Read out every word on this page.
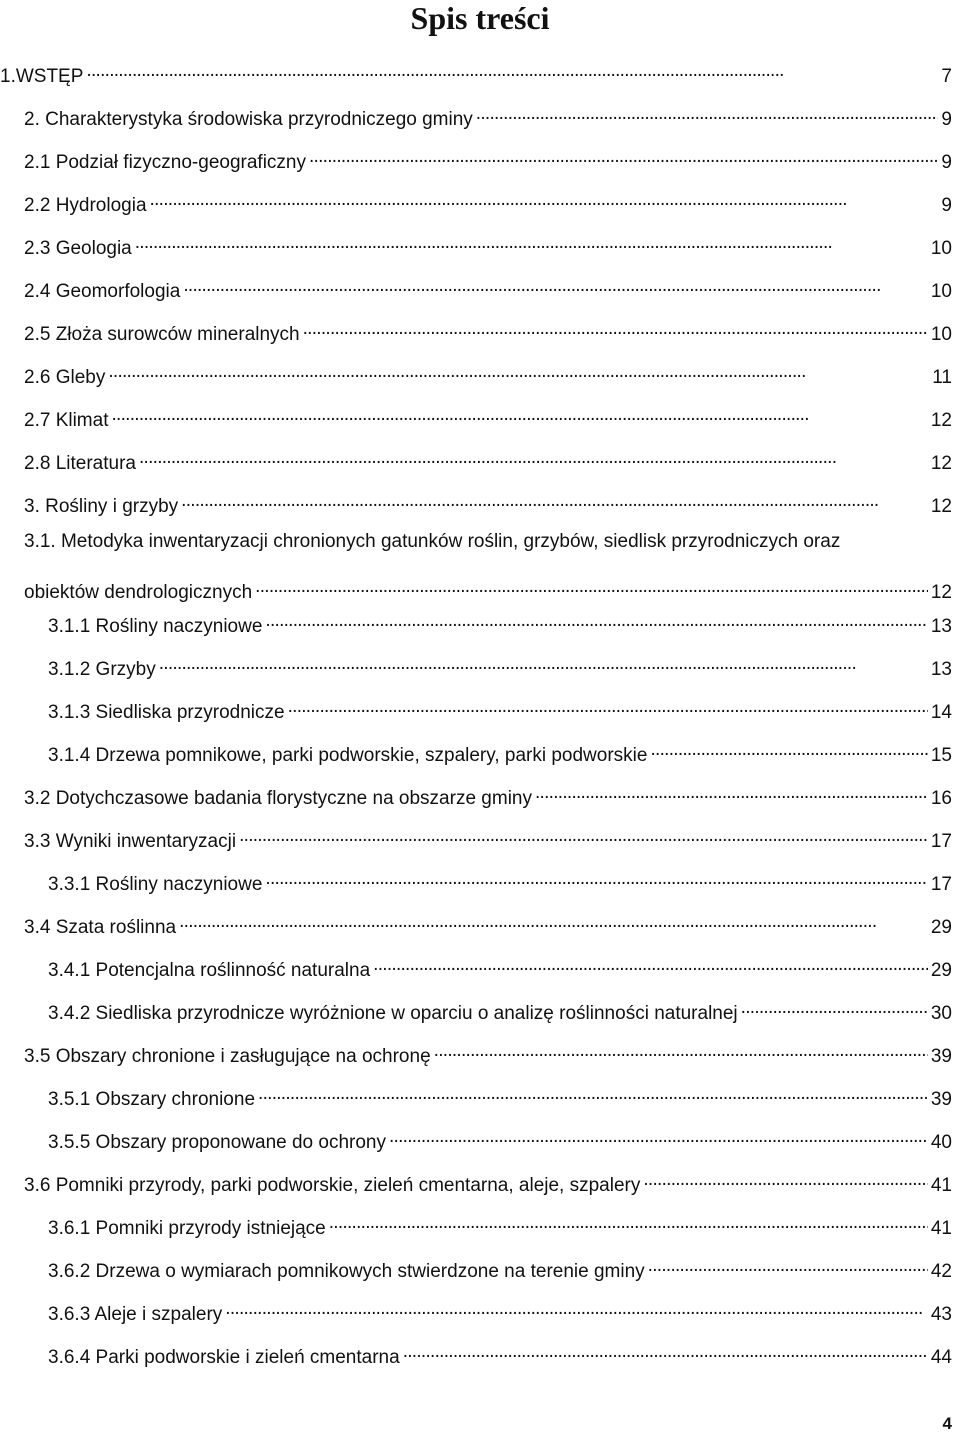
Spis treści
1.WSTĘP . . .	7
2. Charakterystyka środowiska przyrodniczego gminy . . .	9
2.1 Podział fizyczno-geograficzny . . .	9
2.2 Hydrologia . . .	9
2.3 Geologia . . .	10
2.4 Geomorfologia . . .	10
2.5 Złoża surowców mineralnych . . .	10
2.6 Gleby . . .	11
2.7 Klimat . . .	12
2.8 Literatura . . .	12
3. Rośliny i grzyby . . .	12
3.1. Metodyka inwentaryzacji chronionych gatunków roślin, grzybów, siedlisk przyrodniczych oraz
obiektów dendrologicznych . . .	12
3.1.1 Rośliny naczyniowe . . .	13
3.1.2 Grzyby . . .	13
3.1.3 Siedliska przyrodnicze . . .	14
3.1.4 Drzewa pomnikowe, parki podworskie, szpalery, parki podworskie . . .	15
3.2 Dotychczasowe badania florystyczne na obszarze gminy . . .	16
3.3 Wyniki inwentaryzacji . . .	17
3.3.1 Rośliny naczyniowe . . .	17
3.4 Szata roślinna . . .	29
3.4.1 Potencjalna roślinność naturalna . . .	29
3.4.2 Siedliska przyrodnicze wyróżnione w oparciu o analizę roślinności naturalnej . . .	30
3.5 Obszary chronione i zasługujące na ochronę . . .	39
3.5.1 Obszary chronione . . .	39
3.5.5 Obszary proponowane do ochrony . . .	40
3.6 Pomniki przyrody, parki podworskie, zieleń cmentarna, aleje, szpalery . . .	41
3.6.1 Pomniki przyrody istniejące . . .	41
3.6.2 Drzewa o wymiarach pomnikowych stwierdzone na terenie gminy . . .	42
3.6.3 Aleje i szpalery . . .	43
3.6.4 Parki podworskie i zieleń cmentarna . . .	44
4
